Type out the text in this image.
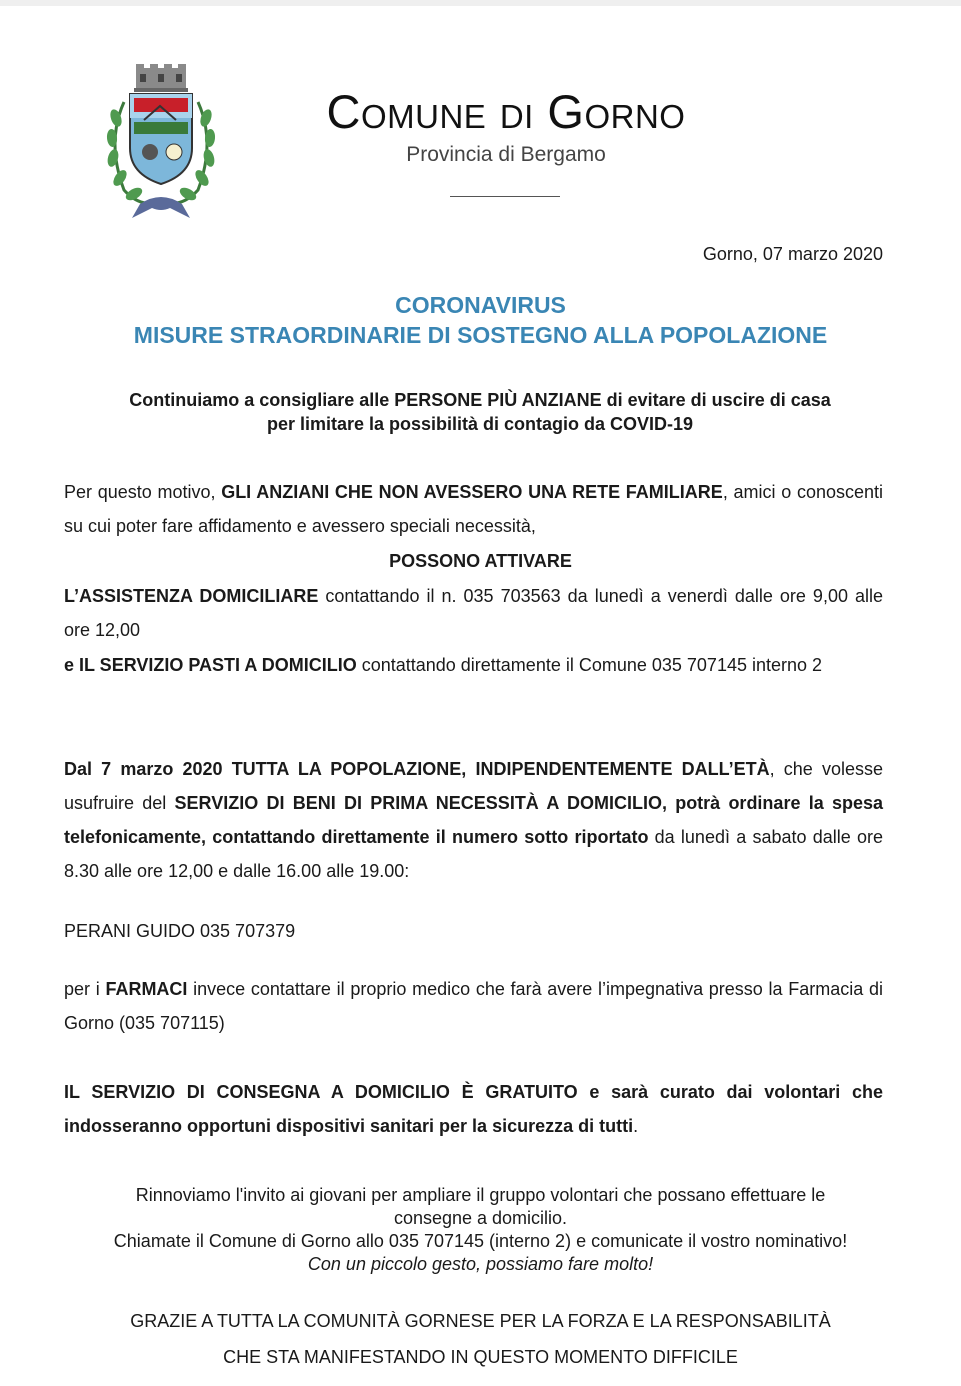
Comune di Gorno
Provincia di Bergamo
Gorno, 07 marzo 2020
CORONAVIRUS
MISURE STRAORDINARIE DI SOSTEGNO ALLA POPOLAZIONE
Continuiamo a consigliare alle PERSONE PIÙ ANZIANE di evitare di uscire di casa
per limitare la possibilità di contagio da COVID-19
Per questo motivo, GLI ANZIANI CHE NON AVESSERO UNA RETE FAMILIARE, amici o conoscenti su cui poter fare affidamento e avessero speciali necessità,
POSSONO ATTIVARE
L’ASSISTENZA DOMICILIARE contattando il n. 035 703563 da lunedì a venerdì dalle ore 9,00 alle ore 12,00
e IL SERVIZIO PASTI A DOMICILIO contattando direttamente il Comune 035 707145 interno 2
Dal 7 marzo 2020 TUTTA LA POPOLAZIONE, INDIPENDENTEMENTE DALL’ETÀ, che volesse usufruire del SERVIZIO DI BENI DI PRIMA NECESSITÀ A DOMICILIO, potrà ordinare la spesa telefonicamente, contattando direttamente il numero sotto riportato da lunedì a sabato dalle ore 8.30 alle ore 12,00 e dalle 16.00 alle 19.00:
PERANI GUIDO 035 707379
per i FARMACI invece contattare il proprio medico che farà avere l’impegnativa presso la Farmacia di Gorno (035 707115)
IL SERVIZIO DI CONSEGNA A DOMICILIO È GRATUITO e sarà curato dai volontari che indosseranno opportuni dispositivi sanitari per la sicurezza di tutti.
Rinnoviamo l'invito ai giovani per ampliare il gruppo volontari che possano effettuare le
consegne a domicilio.
Chiamate il Comune di Gorno allo 035 707145 (interno 2) e comunicate il vostro nominativo!
Con un piccolo gesto, possiamo fare molto!
GRAZIE A TUTTA LA COMUNITÀ GORNESE PER LA FORZA E LA RESPONSABILITÀ
CHE STA MANIFESTANDO IN QUESTO MOMENTO DIFFICILE
